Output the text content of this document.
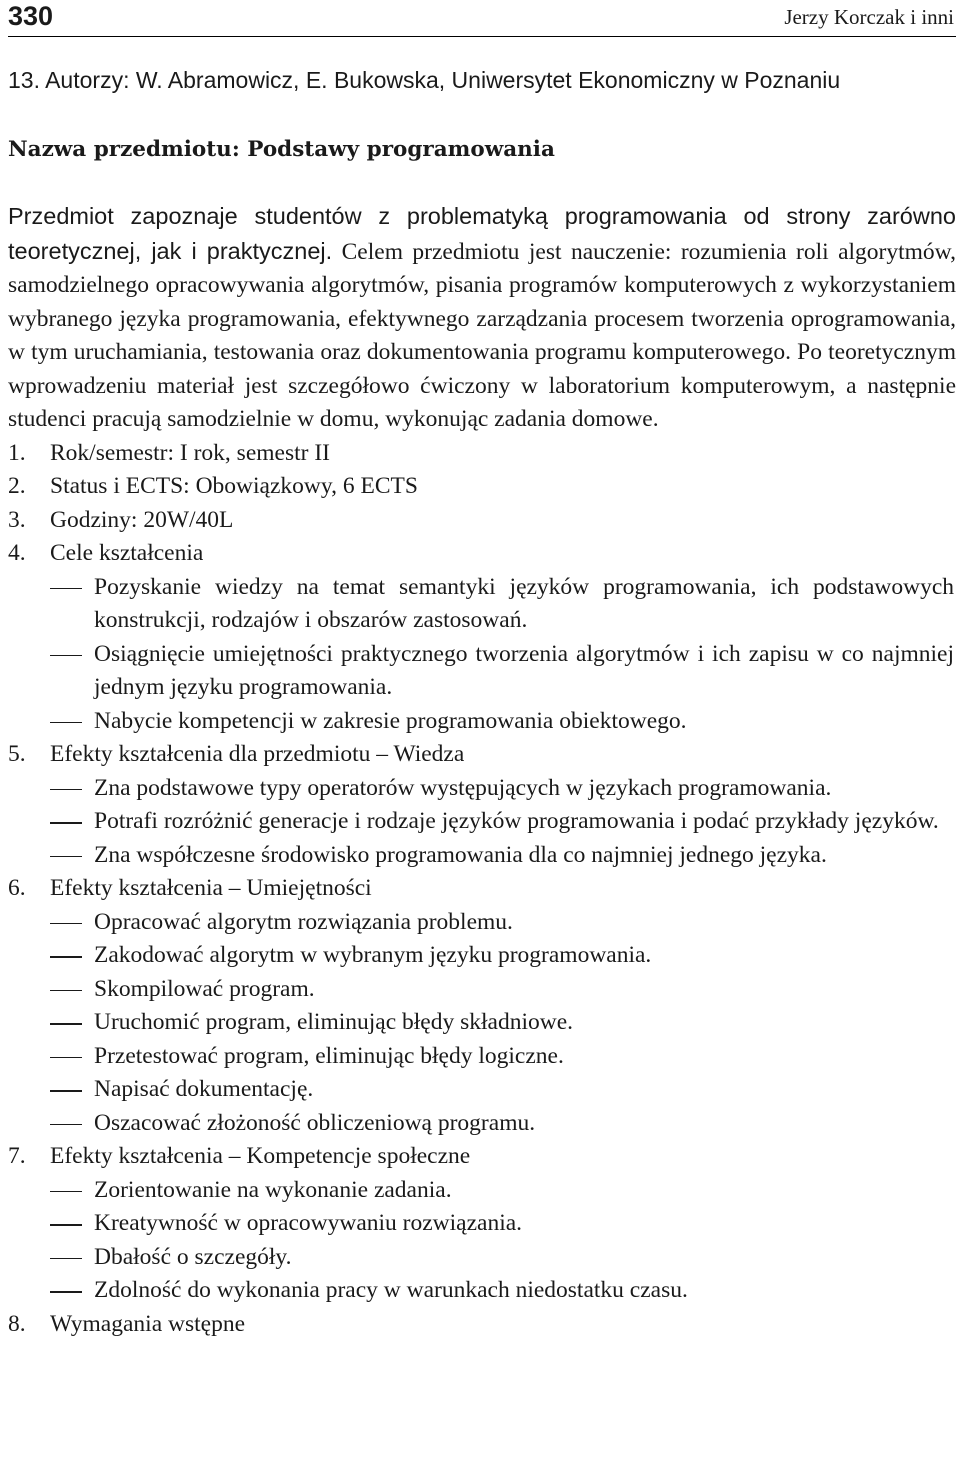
330	Jerzy Korczak i inni

13. Autorzy: W. Abramowicz, E. Bukowska, Uniwersytet Ekonomiczny w Poznaniu

Nazwa przedmiotu: Podstawy programowania

Przedmiot zapoznaje studentów z problematyką programowania od strony zarówno teoretycznej, jak i praktycznej. Celem przedmiotu jest nauczenie: rozumienia roli algorytmów, samodzielnego opracowywania algorytmów, pisania programów komputerowych z wykorzystaniem wybranego języka programowania, efektywnego zarządzania procesem tworzenia oprogramowania, w tym uruchamiania, testowania oraz dokumentowania programu komputerowego. Po teoretycznym wprowadzeniu materiał jest szczegółowo ćwiczony w laboratorium komputerowym, a następnie studenci pracują samodzielnie w domu, wykonując zadania domowe.

1.	Rok/semestr: I rok, semestr II
2.	Status i ECTS: Obowiązkowy, 6 ECTS
3.	Godziny: 20W/40L
4.	Cele kształcenia
Pozyskanie wiedzy na temat semantyki języków programowania, ich podstawowych konstrukcji, rodzajów i obszarów zastosowań.
Osiągnięcie umiejętności praktycznego tworzenia algorytmów i ich zapisu w co najmniej jednym języku programowania.
Nabycie kompetencji w zakresie programowania obiektowego.
5.	Efekty kształcenia dla przedmiotu – Wiedza
Zna podstawowe typy operatorów występujących w językach programowania.
Potrafi rozróżnić generacje i rodzaje języków programowania i podać przykłady języków.
Zna współczesne środowisko programowania dla co najmniej jednego języka.
6.	Efekty kształcenia – Umiejętności
Opracować algorytm rozwiązania problemu.
Zakodować algorytm w wybranym języku programowania.
Skompilować program.
Uruchomić program, eliminując błędy składniowe.
Przetestować program, eliminując błędy logiczne.
Napisać dokumentację.
Oszacować złożoność obliczeniową programu.
7.	Efekty kształcenia – Kompetencje społeczne
Zorientowanie na wykonanie zadania.
Kreatywność w opracowywaniu rozwiązania.
Dbałość o szczegóły.
Zdolność do wykonania pracy w warunkach niedostatku czasu.
8.	Wymagania wstępne
